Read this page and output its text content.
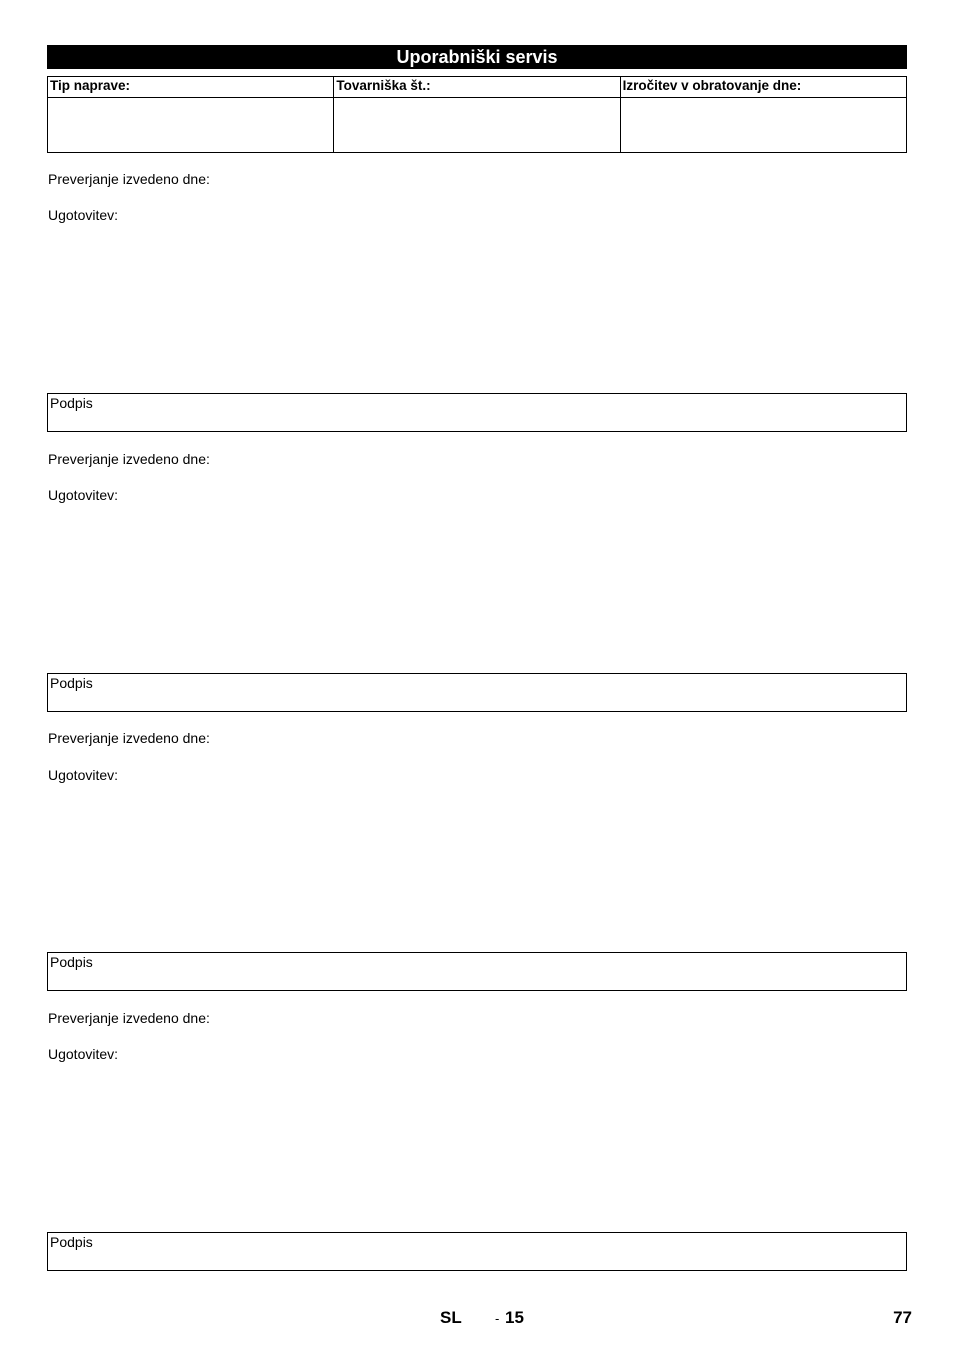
Uporabniški servis
Tip naprave:	Tovarniška št.:	Izročitev v obratovanje dne:

Preverjanje izvedeno dne:
Ugotovitev:
Podpis
Preverjanje izvedeno dne:
Ugotovitev:
Podpis
Preverjanje izvedeno dne:
Ugotovitev:
Podpis
Preverjanje izvedeno dne:
Ugotovitev:
Podpis
SL	- 15	77
